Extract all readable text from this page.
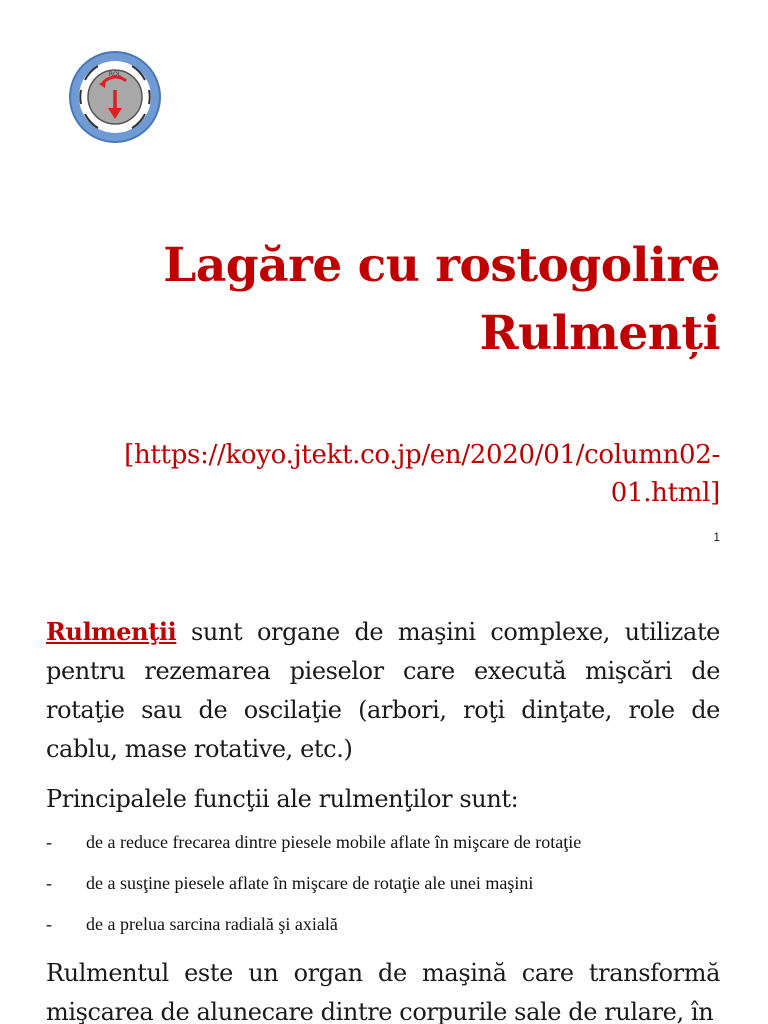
ROL
Lagăre cu rostogolire
Rulmenți
[https://koyo.jtekt.co.jp/en/2020/01/column02-
01.html]
1

Rulmenţii sunt organe de maşini complexe, utilizate pentru rezemarea pieselor care execută mişcări de rotaţie sau de oscilaţie (arbori, roţi dinţate, role de cablu, mase rotative, etc.)

Principalele funcţii ale rulmenţilor sunt:

-	de a reduce frecarea dintre piesele mobile aflate în mişcare de rotaţie
-	de a susţine piesele aflate în mişcare de rotaţie ale unei maşini
-	de a prelua sarcina radială şi axială

Rulmentul este un organ de maşină care transformă mişcarea de alunecare dintre corpurile sale de rulare, în
